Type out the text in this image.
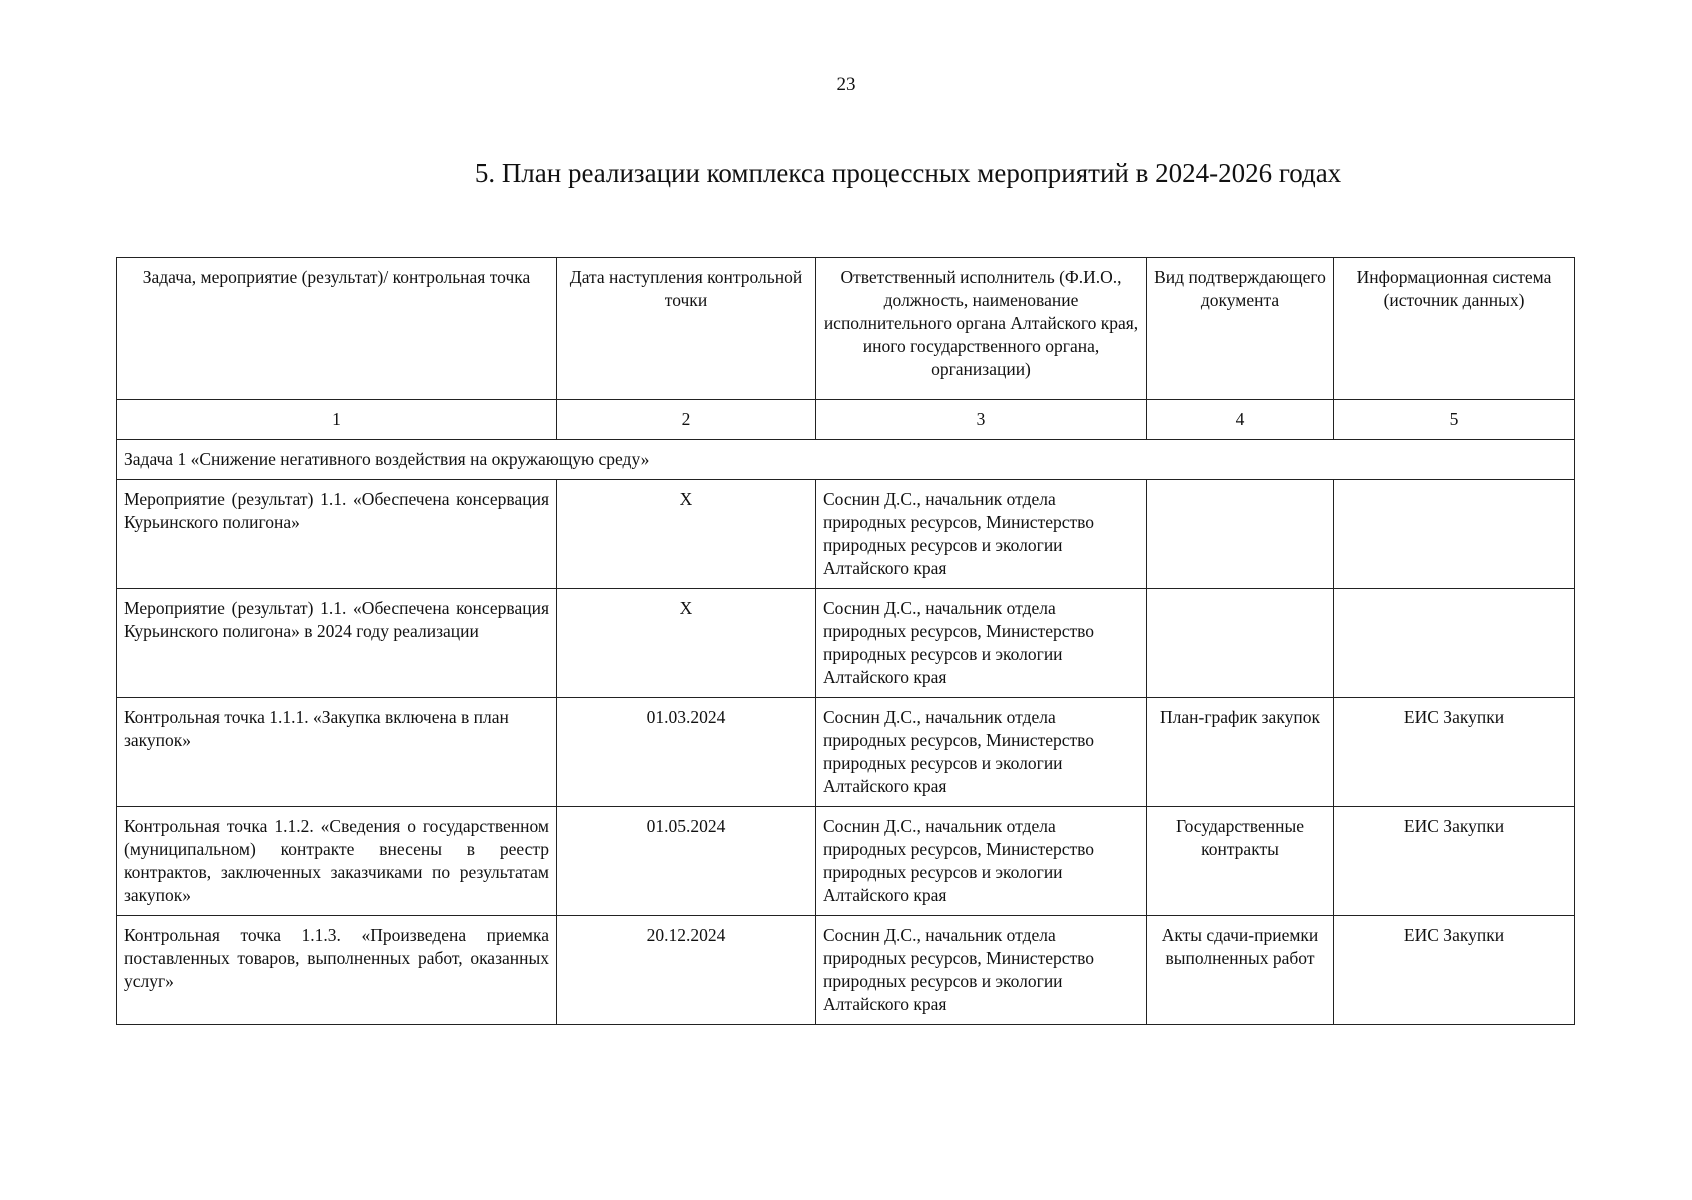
23
5. План реализации комплекса процессных мероприятий в 2024-2026 годах
Задача, мероприятие (результат)/ контрольная точка	Дата наступления контрольной точки	Ответственный исполнитель (Ф.И.О., должность, наименование исполнительного органа Алтайского края, иного государственного органа, организации)	Вид подтверждающего документа	Информационная система (источник данных)
1	2	3	4	5
Задача 1 «Снижение негативного воздействия на окружающую среду»				
Мероприятие (результат) 1.1. «Обеспечена консервация Курьинского полигона»	X	Соснин Д.С., начальник отдела природных ресурсов, Министерство природных ресурсов и экологии Алтайского края		
Мероприятие (результат) 1.1. «Обеспечена консервация Курьинского полигона» в 2024 году реализации	X	Соснин Д.С., начальник отдела природных ресурсов, Министерство природных ресурсов и экологии Алтайского края		
Контрольная точка 1.1.1. «Закупка включена в план закупок»	01.03.2024	Соснин Д.С., начальник отдела природных ресурсов, Министерство природных ресурсов и экологии Алтайского края	План-график закупок	ЕИС Закупки
Контрольная точка 1.1.2. «Сведения о государственном (муниципальном) контракте внесены в реестр контрактов, заключенных заказчиками по результатам закупок»	01.05.2024	Соснин Д.С., начальник отдела природных ресурсов, Министерство природных ресурсов и экологии Алтайского края	Государственные контракты	ЕИС Закупки
Контрольная точка 1.1.3. «Произведена приемка поставленных товаров, выполненных работ, оказанных услуг»	20.12.2024	Соснин Д.С., начальник отдела природных ресурсов, Министерство природных ресурсов и экологии Алтайского края	Акты сдачи-приемки выполненных работ	ЕИС Закупки
